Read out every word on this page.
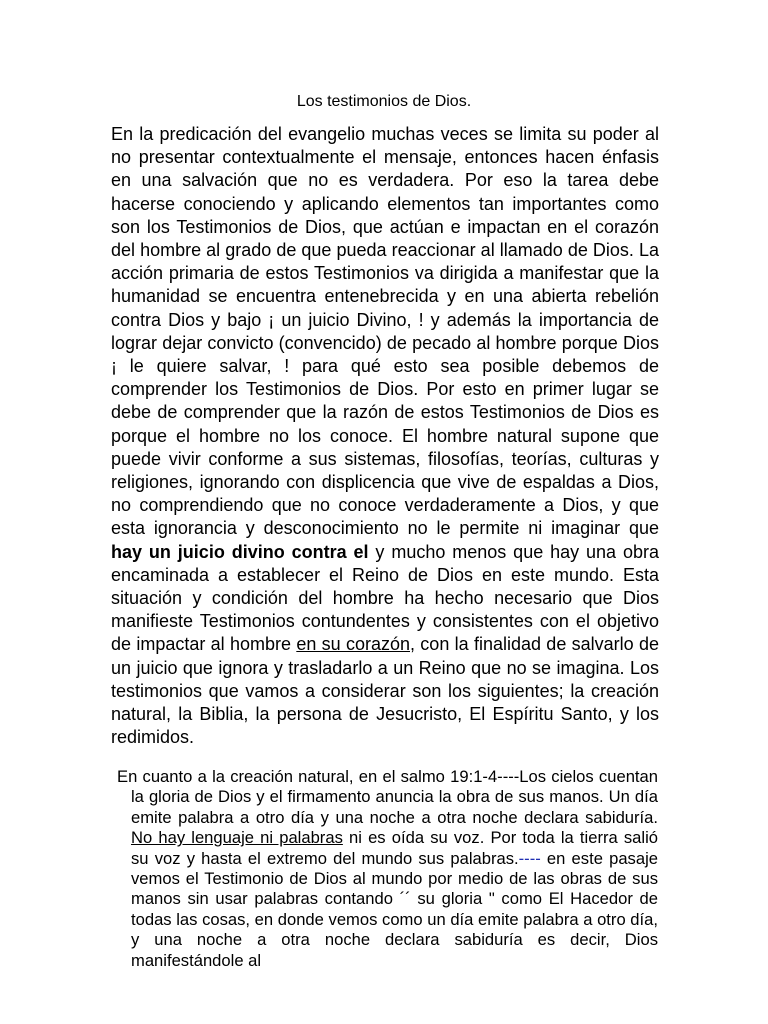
Los testimonios de Dios.

En la predicación del evangelio muchas veces se limita su poder al no presentar contextualmente el mensaje, entonces hacen énfasis en una salvación que no es verdadera. Por eso la tarea debe hacerse conociendo y aplicando elementos tan importantes como son los Testimonios de Dios, que actúan e impactan en el corazón del hombre al grado de que pueda reaccionar al llamado de Dios. La acción primaria de estos Testimonios va dirigida a manifestar que la humanidad se encuentra entenebrecida y en una abierta rebelión contra Dios y bajo ¡ un juicio Divino, ! y además la importancia de lograr dejar convicto (convencido) de pecado al hombre porque Dios ¡ le quiere salvar, ! para qué esto sea posible debemos de comprender los Testimonios de Dios. Por esto en primer lugar se debe de comprender que la razón de estos Testimonios de Dios es porque el hombre no los conoce. El hombre natural supone que puede vivir conforme a sus sistemas, filosofías, teorías, culturas y religiones, ignorando con displicencia que vive de espaldas a Dios, no comprendiendo que no conoce verdaderamente a Dios, y que esta ignorancia y desconocimiento no le permite ni imaginar que hay un juicio divino contra el y mucho menos que hay una obra encaminada a establecer el Reino de Dios en este mundo. Esta situación y condición del hombre ha hecho necesario que Dios manifieste Testimonios contundentes y consistentes con el objetivo de impactar al hombre en su corazón, con la finalidad de salvarlo de un juicio que ignora y trasladarlo a un Reino que no se imagina. Los testimonios que vamos a considerar son los siguientes; la creación natural, la Biblia, la persona de Jesucristo, El Espíritu Santo, y los redimidos.

En cuanto a la creación natural, en el salmo 19:1-4----Los cielos cuentan la gloria de Dios y el firmamento anuncia la obra de sus manos. Un día emite palabra a otro día y una noche a otra noche declara sabiduría. No hay lenguaje ni palabras ni es oída su voz. Por toda la tierra salió su voz y hasta el extremo del mundo sus palabras.---- en este pasaje vemos el Testimonio de Dios al mundo por medio de las obras de sus manos sin usar palabras contando ´´ su gloria " como El Hacedor de todas las cosas, en donde vemos como un día emite palabra a otro día, y una noche a otra noche declara sabiduría es decir, Dios manifestándole al
